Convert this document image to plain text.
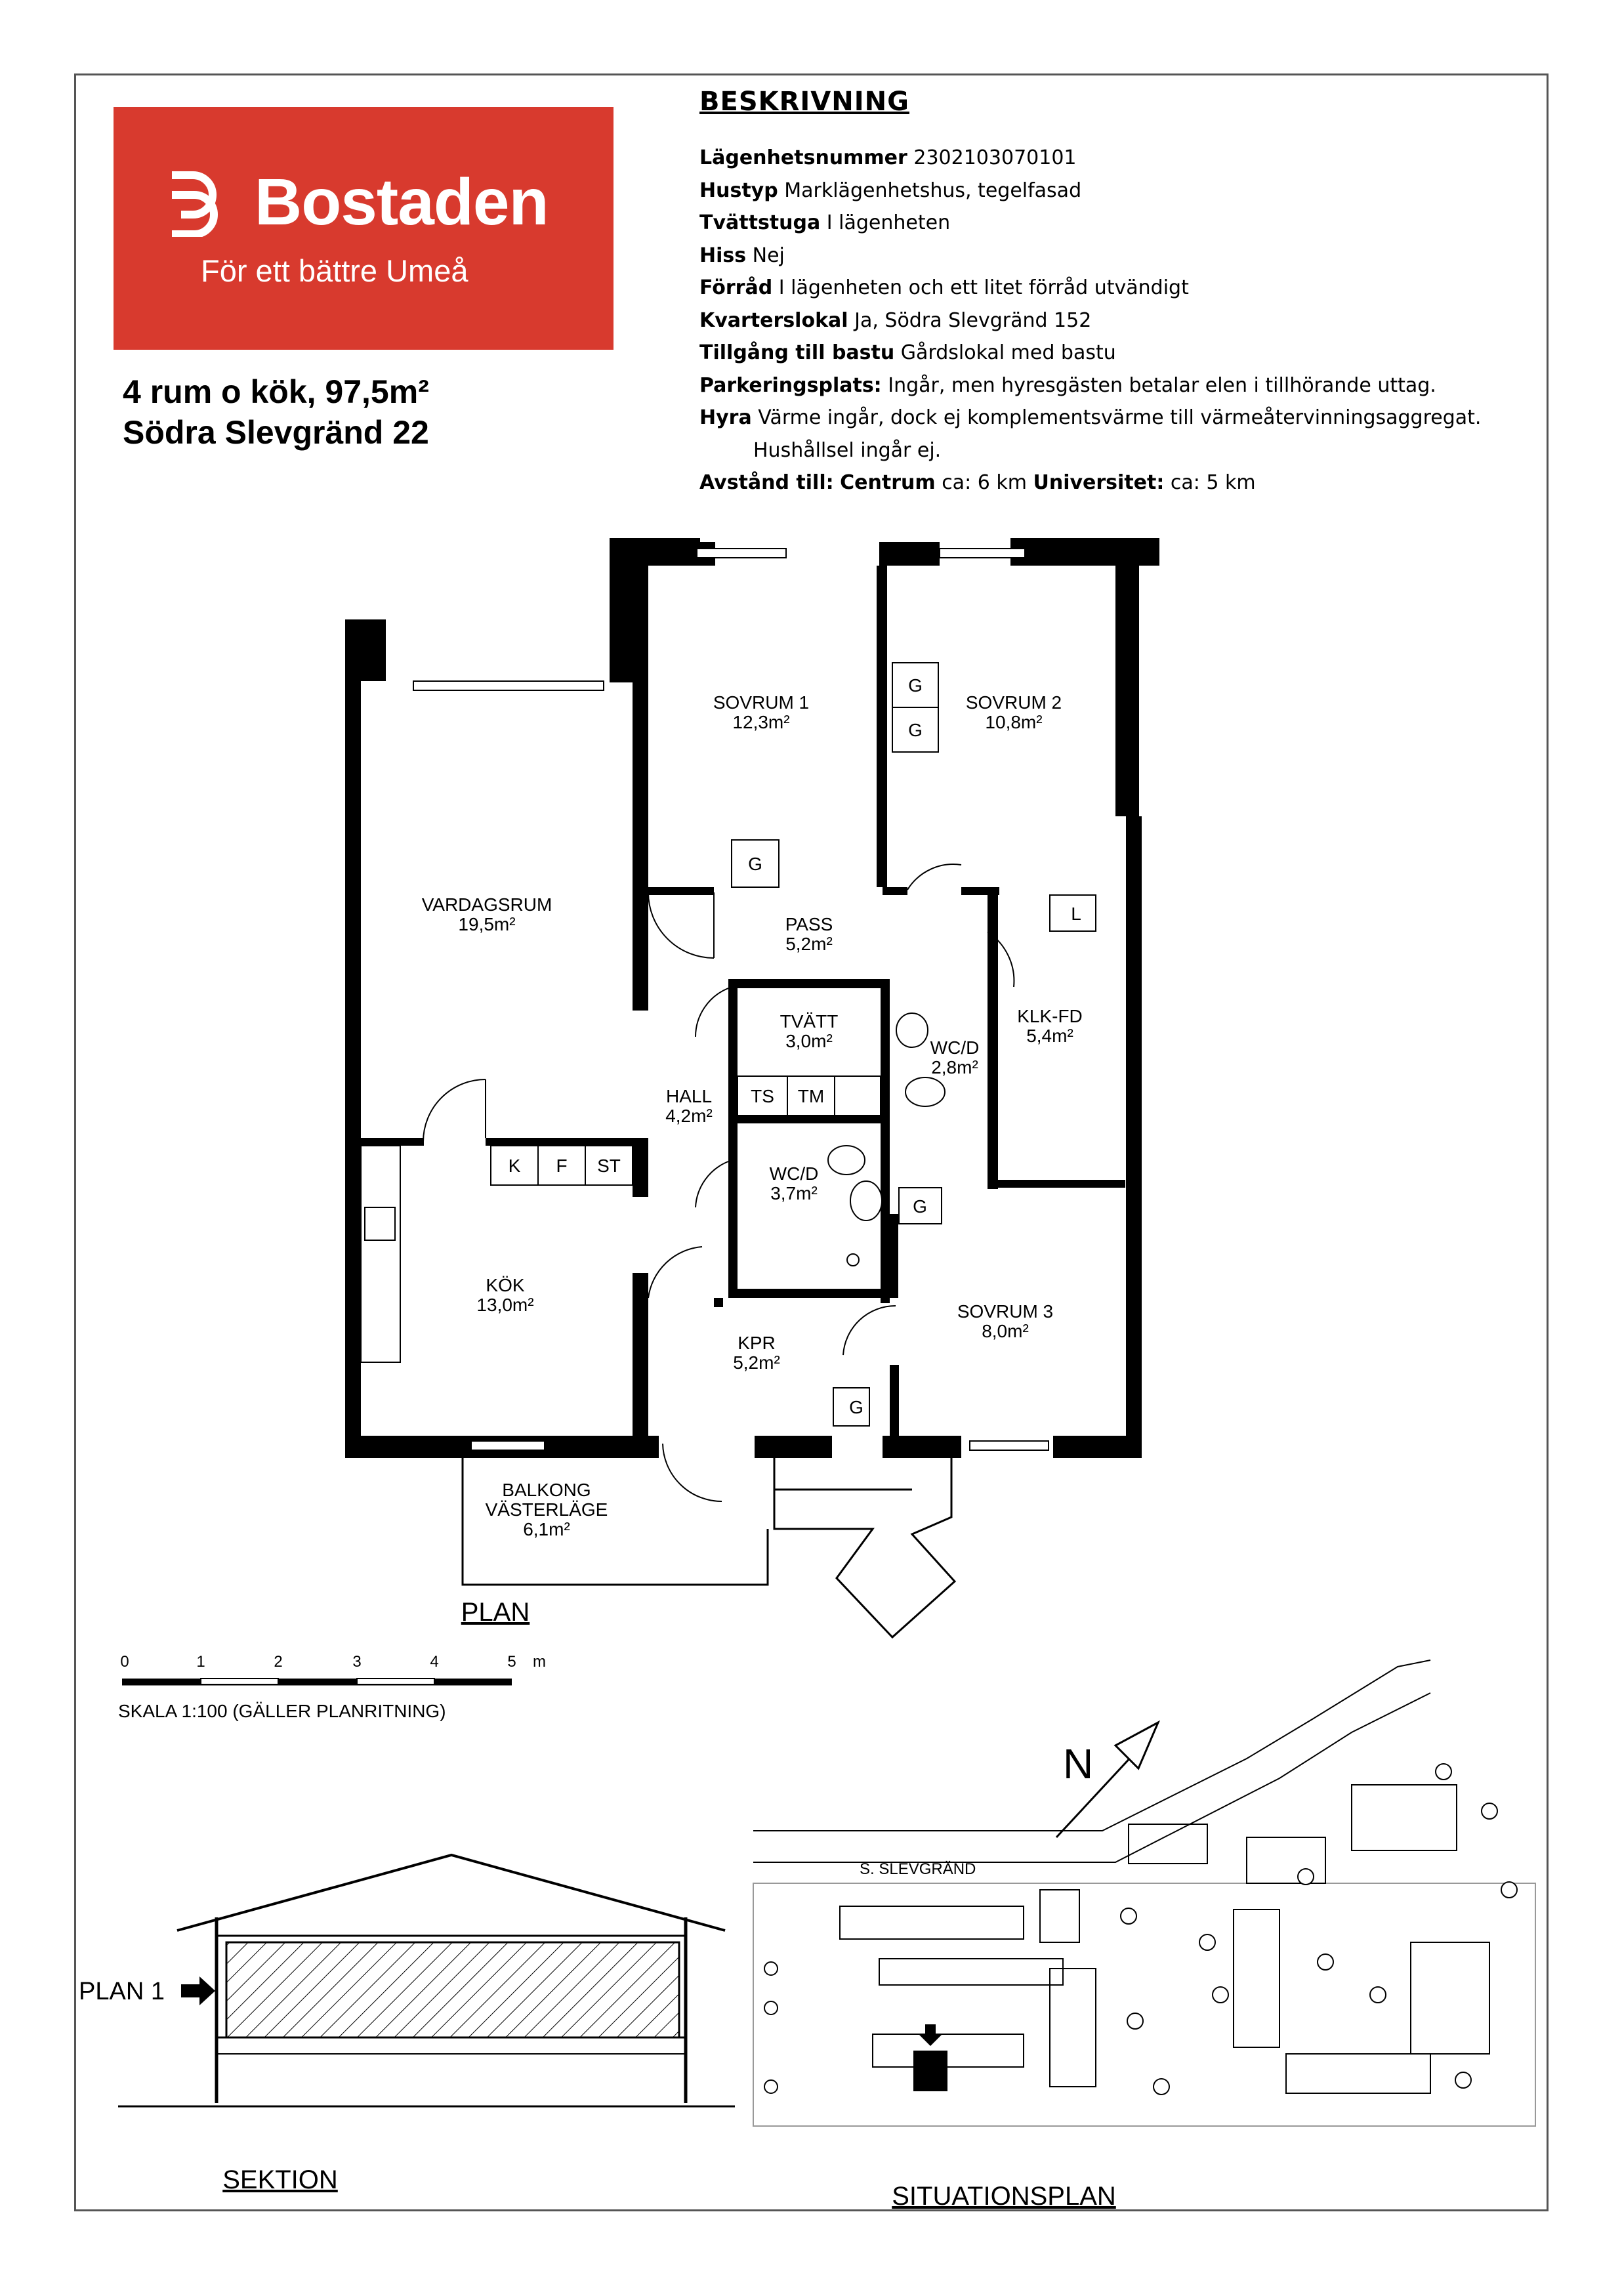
Bostaden
För ett bättre Umeå
4 rum o kök, 97,5m²
Södra Slevgränd 22
BESKRIVNING
Lägenhetsnummer 2302103070101
Hustyp Marklägenhetshus, tegelfasad
Tvättstuga I lägenheten
Hiss Nej
Förråd I lägenheten och ett litet förråd utvändigt
Kvarterslokal Ja, Södra Slevgränd 152
Tillgång till bastu Gårdslokal med bastu
Parkeringsplats: Ingår, men hyresgästen betalar elen i tillhörande uttag.
Hyra Värme ingår, dock ej komplementsvärme till värmeåtervinningsaggregat.
Hushållsel ingår ej.
Avstånd till: Centrum ca: 6 km Universitet: ca: 5 km
SOVRUM 1
12,3m²
SOVRUM 2
10,8m²
VARDAGSRUM
19,5m²	PASS
5,2m²
KLK-FD
5,4m²
TVÄTT
3,0m²	WC/D
2,8m²
HALL
4,2m²
WC/D
3,7m²
KÖK
13,0m²	SOVRUM 3
8,0m²
KPR
5,2m²
BALKONG
VÄSTERLÄGE
6,1m²
G
G
G
L
TS TM
K F ST
G
G
PLAN
0	1	2	3	4	5 m
SKALA 1:100 (GÄLLER PLANRITNING)
PLAN 1
SEKTION
N
S. SLEVGRÄND
SITUATIONSPLAN
